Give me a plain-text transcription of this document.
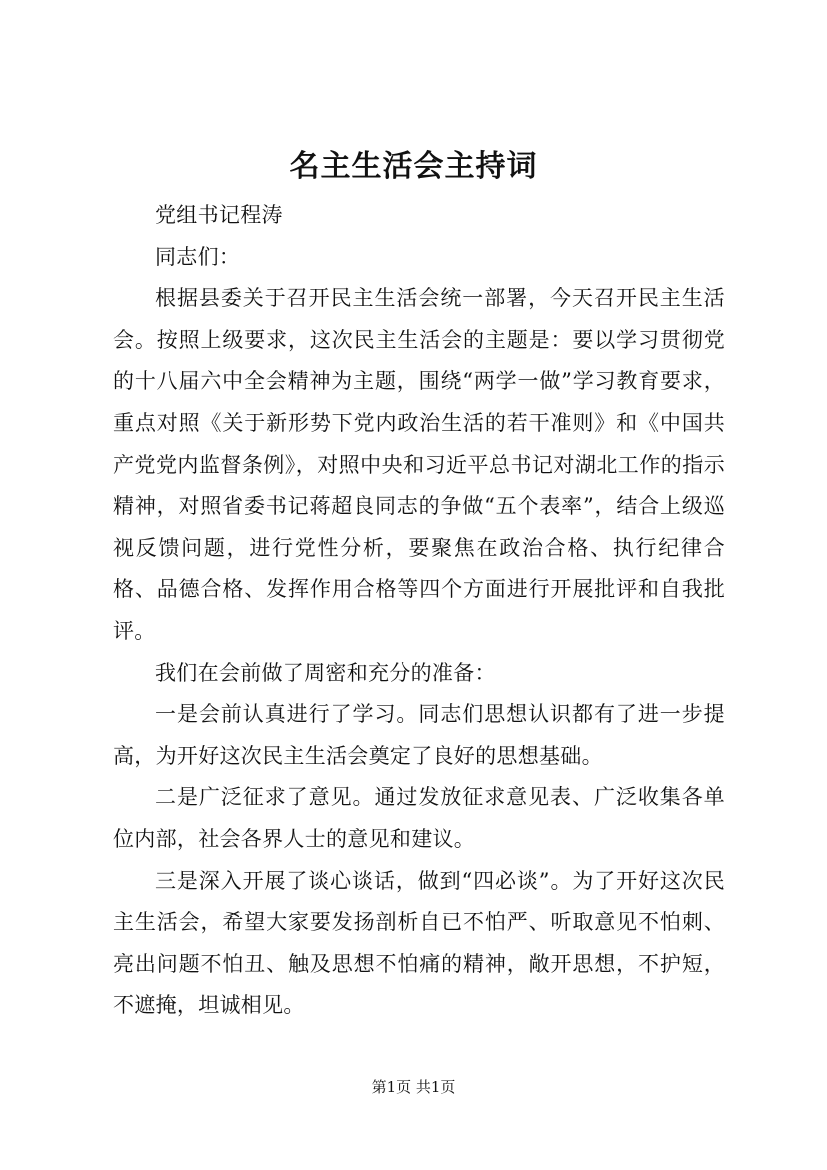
名主生活会主持词

党组书记程涛

同志们：

根据县委关于召开民主生活会统一部署，今天召开民主生活会。按照上级要求，这次民主生活会的主题是：要以学习贯彻党的十八届六中全会精神为主题，围绕“两学一做”学习教育要求，重点对照《关于新形势下党内政治生活的若干准则》和《中国共产党党内监督条例》，对照中央和习近平总书记对湖北工作的指示精神，对照省委书记蒋超良同志的争做“五个表率”，结合上级巡视反馈问题，进行党性分析，要聚焦在政治合格、执行纪律合格、品德合格、发挥作用合格等四个方面进行开展批评和自我批评。

我们在会前做了周密和充分的准备：

一是会前认真进行了学习。同志们思想认识都有了进一步提高，为开好这次民主生活会奠定了良好的思想基础。

二是广泛征求了意见。通过发放征求意见表、广泛收集各单位内部，社会各界人士的意见和建议。

三是深入开展了谈心谈话，做到“四必谈”。为了开好这次民主生活会，希望大家要发扬剖析自已不怕严、听取意见不怕刺、亮出问题不怕丑、触及思想不怕痛的精神，敞开思想，不护短，不遮掩，坦诚相见。

第1页 共1页
